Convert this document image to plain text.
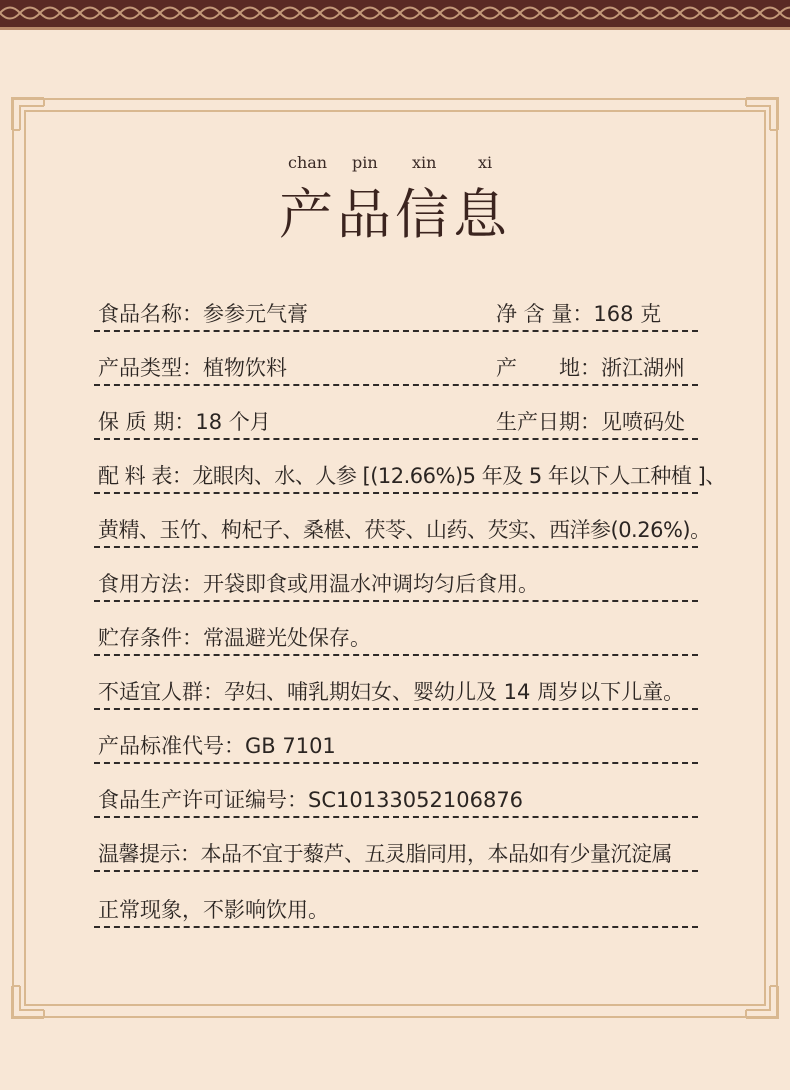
chan pin xin	xi
产品信息
食品名称：参参元气膏	净 含 量：168 克
产品类型：植物饮料	产　　地：浙江湖州
保 质 期：18 个月	生产日期：见喷码处
配 料 表：龙眼肉、水、人参 [(12.66%)5 年及 5 年以下人工种植 ]、
黄精、玉竹、枸杞子、桑椹、茯苓、山药、芡实、西洋参(0.26%)。
食用方法：开袋即食或用温水冲调均匀后食用。
贮存条件：常温避光处保存。
不适宜人群：孕妇、哺乳期妇女、婴幼儿及 14 周岁以下儿童。
产品标准代号：GB 7101
食品生产许可证编号：SC10133052106876
温馨提示：本品不宜于藜芦、五灵脂同用，本品如有少量沉淀属
正常现象，不影响饮用。
